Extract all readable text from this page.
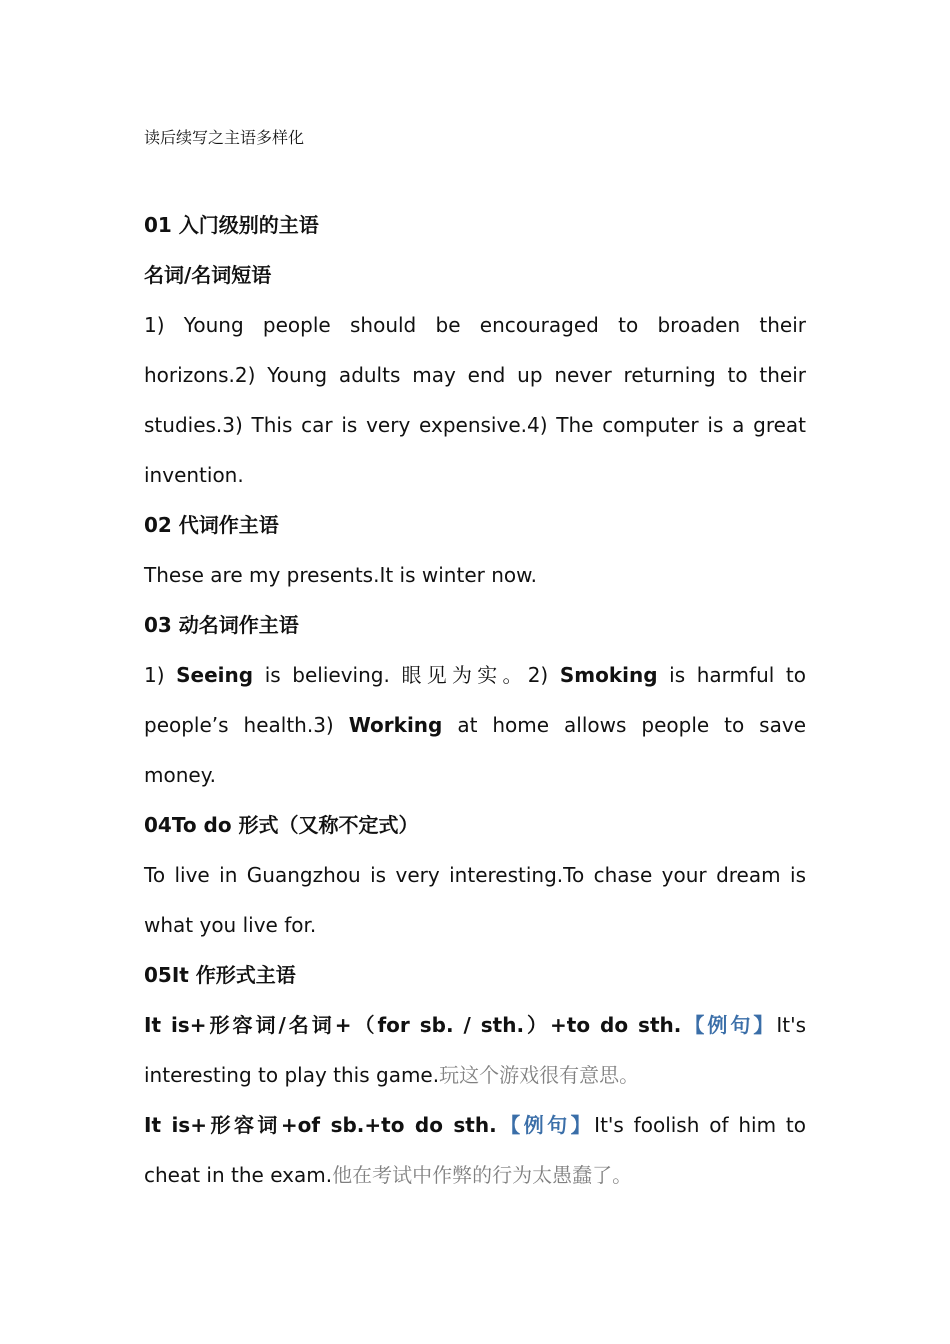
读后续写之主语多样化
01 入门级别的主语
名词/名词短语
1) Young people should be encouraged to broaden their horizons.2) Young adults may end up never returning to their studies.3) This car is very expensive.4) The computer is a great invention.
02 代词作主语
These are my presents.It is winter now.
03 动名词作主语
1) Seeing is believing. 眼见为实。2) Smoking is harmful to people’s health.3) Working at home allows people to save money.
04To do 形式（又称不定式）
To live in Guangzhou is very interesting.To chase your dream is what you live for.
05It 作形式主语
It is+形容词/名词+（for sb. / sth.）+to do sth.【例句】It's interesting to play this game.玩这个游戏很有意思。
It is+形容词+of sb.+to do sth.【例句】It's foolish of him to cheat in the exam.他在考试中作弊的行为太愚蠢了。
